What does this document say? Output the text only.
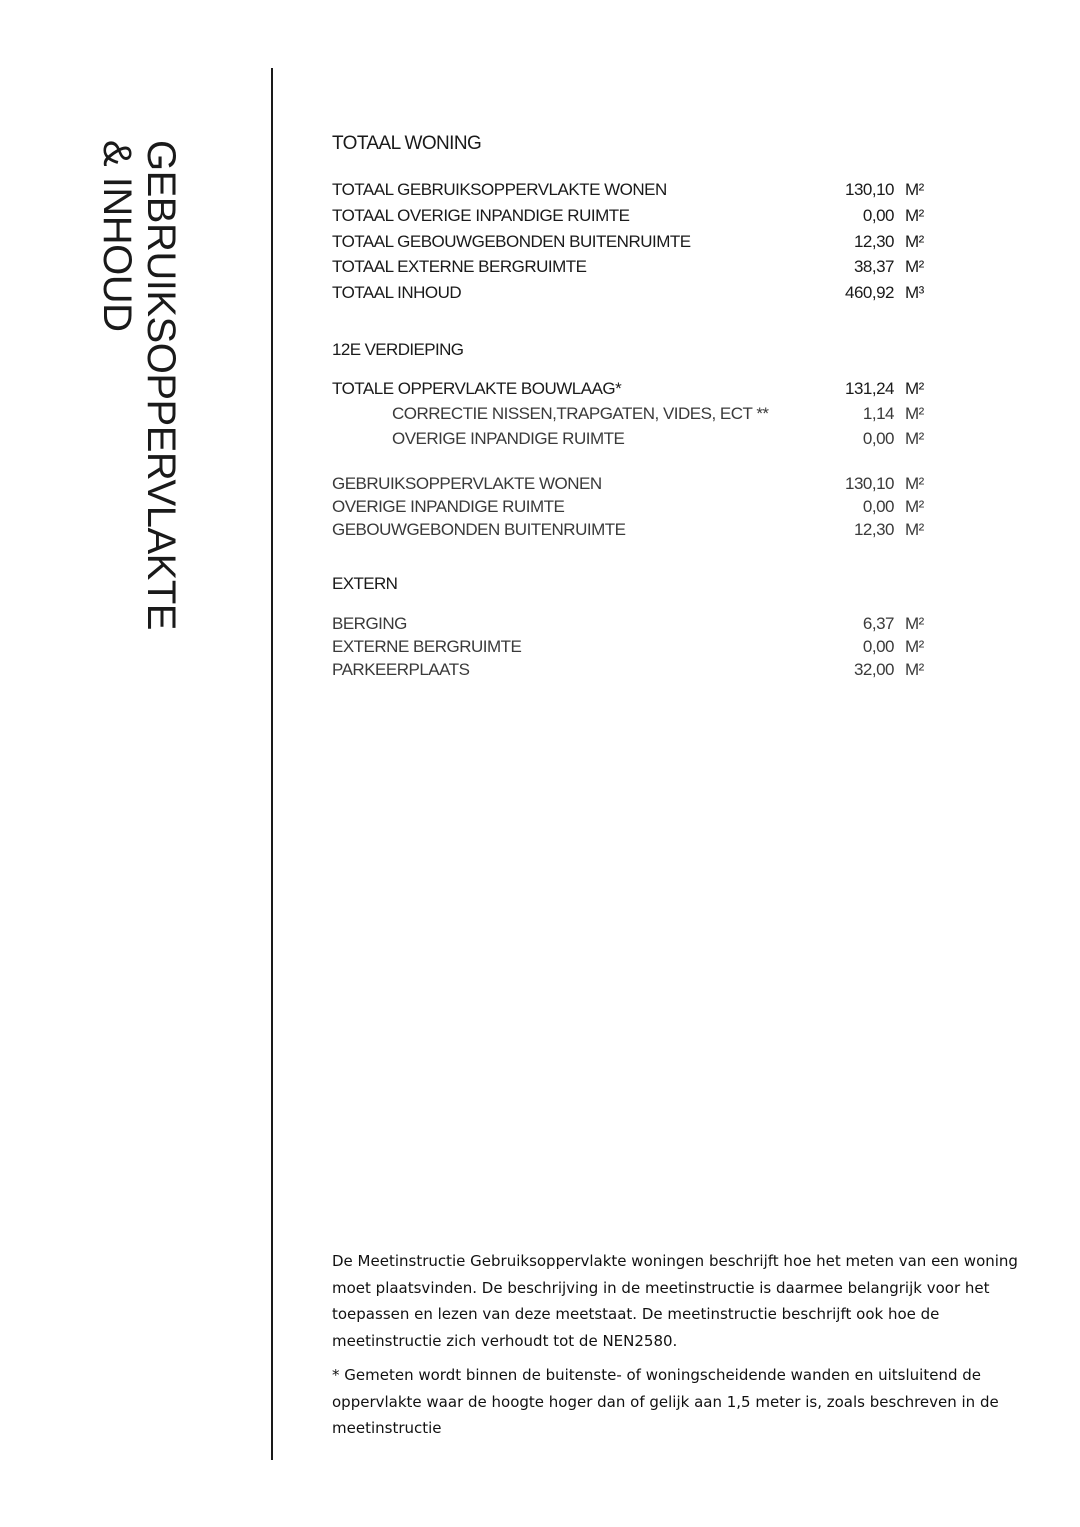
GEBRUIKSOPPERVLAKTE
& INHOUD	TOTAAL WONING
TOTAAL GEBRUIKSOPPERVLAKTE WONEN	130,10 M²
TOTAAL OVERIGE INPANDIGE RUIMTE	0,00 M²
TOTAAL GEBOUWGEBONDEN BUITENRUIMTE	12,30 M²
TOTAAL EXTERNE BERGRUIMTE	38,37 M²
TOTAAL INHOUD	460,92 M³
12E VERDIEPING
TOTALE OPPERVLAKTE BOUWLAAG*	131,24 M²
CORRECTIE NISSEN,TRAPGATEN, VIDES, ECT **	1,14 M²
OVERIGE INPANDIGE RUIMTE	0,00 M²
GEBRUIKSOPPERVLAKTE WONEN	130,10 M²
OVERIGE INPANDIGE RUIMTE	0,00 M²
GEBOUWGEBONDEN BUITENRUIMTE	12,30 M²
EXTERN
BERGING	6,37 M²
EXTERNE BERGRUIMTE	0,00 M²
PARKEERPLAATS	32,00 M²

De Meetinstructie Gebruiksoppervlakte woningen beschrijft hoe het meten van een woning moet plaatsvinden. De beschrijving in de meetinstructie is daarmee belangrijk voor het toepassen en lezen van deze meetstaat. De meetinstructie beschrijft ook hoe de meetinstructie zich verhoudt tot de NEN2580.

* Gemeten wordt binnen de buitenste- of woningscheidende wanden en uitsluitend de oppervlakte waar de hoogte hoger dan of gelijk aan 1,5 meter is, zoals beschreven in de meetinstructie
